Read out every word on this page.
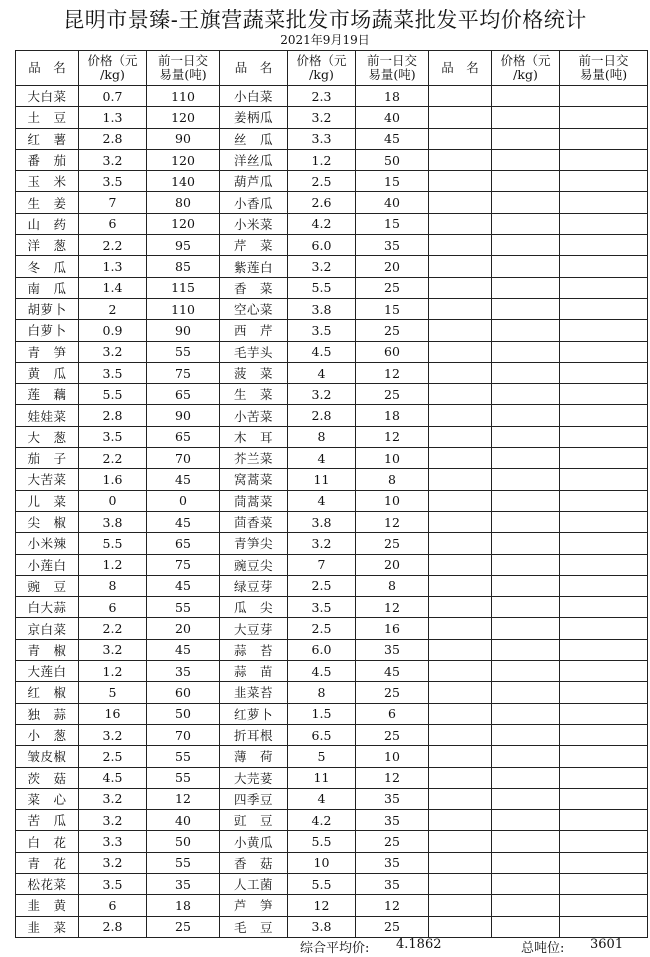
昆明市景臻-王旗营蔬菜批发市场蔬菜批发平均价格统计
2021年9月19日
品　名	价格（元
/kg)	前一日交
易量(吨)	品　名	价格（元
/kg)	前一日交
易量(吨)	品　名	价格（元
/kg)	前一日交
易量(吨)

大白菜	0.7	110	小白菜	2.3	18			
土　豆	1.3	120	姜柄瓜	3.2	40			
红　薯	2.8	90	丝　瓜	3.3	45			
番　茄	3.2	120	洋丝瓜	1.2	50			
玉　米	3.5	140	葫芦瓜	2.5	15			
生　姜	7	80	小香瓜	2.6	40			
山　药	6	120	小米菜	4.2	15			
洋　葱	2.2	95	芹　菜	6.0	35			
冬　瓜	1.3	85	紫莲白	3.2	20			
南　瓜	1.4	115	香　菜	5.5	25			
胡萝卜	2	110	空心菜	3.8	15			
白萝卜	0.9	90	西　芹	3.5	25			
青　笋	3.2	55	毛芋头	4.5	60			
黄　瓜	3.5	75	菠　菜	4	12			
莲　藕	5.5	65	生　菜	3.2	25			
娃娃菜	2.8	90	小苦菜	2.8	18			
大　葱	3.5	65	木　耳	8	12			
茄　子	2.2	70	芥兰菜	4	10			
大苦菜	1.6	45	窝蒿菜	11	8			
儿　菜	0	0	茼蒿菜	4	10			
尖　椒	3.8	45	茴香菜	3.8	12			
小米辣	5.5	65	青笋尖	3.2	25			
小莲白	1.2	75	豌豆尖	7	20			
豌　豆	8	45	绿豆芽	2.5	8			
白大蒜	6	55	瓜　尖	3.5	12			
京白菜	2.2	20	大豆芽	2.5	16			
青　椒	3.2	45	蒜　苔	6.0	35			
大莲白	1.2	35	蒜　苗	4.5	45			
红　椒	5	60	韭菜苔	8	25			
独　蒜	16	50	红萝卜	1.5	6			
小　葱	3.2	70	折耳根	6.5	25			
皱皮椒	2.5	55	薄　荷	5	10			
茨　菇	4.5	55	大芫荽	11	12			
菜　心	3.2	12	四季豆	4	35			
苦　瓜	3.2	40	豇　豆	4.2	35			
白　花	3.3	50	小黄瓜	5.5	25			
青　花	3.2	55	香　菇	10	35			
松花菜	3.5	35	人工菌	5.5	35			
韭　黄	6	18	芦　笋	12	12			
韭　菜	2.8	25	毛　豆	3.8	25			
综合平均价: 4.1862	总吨位: 3601
